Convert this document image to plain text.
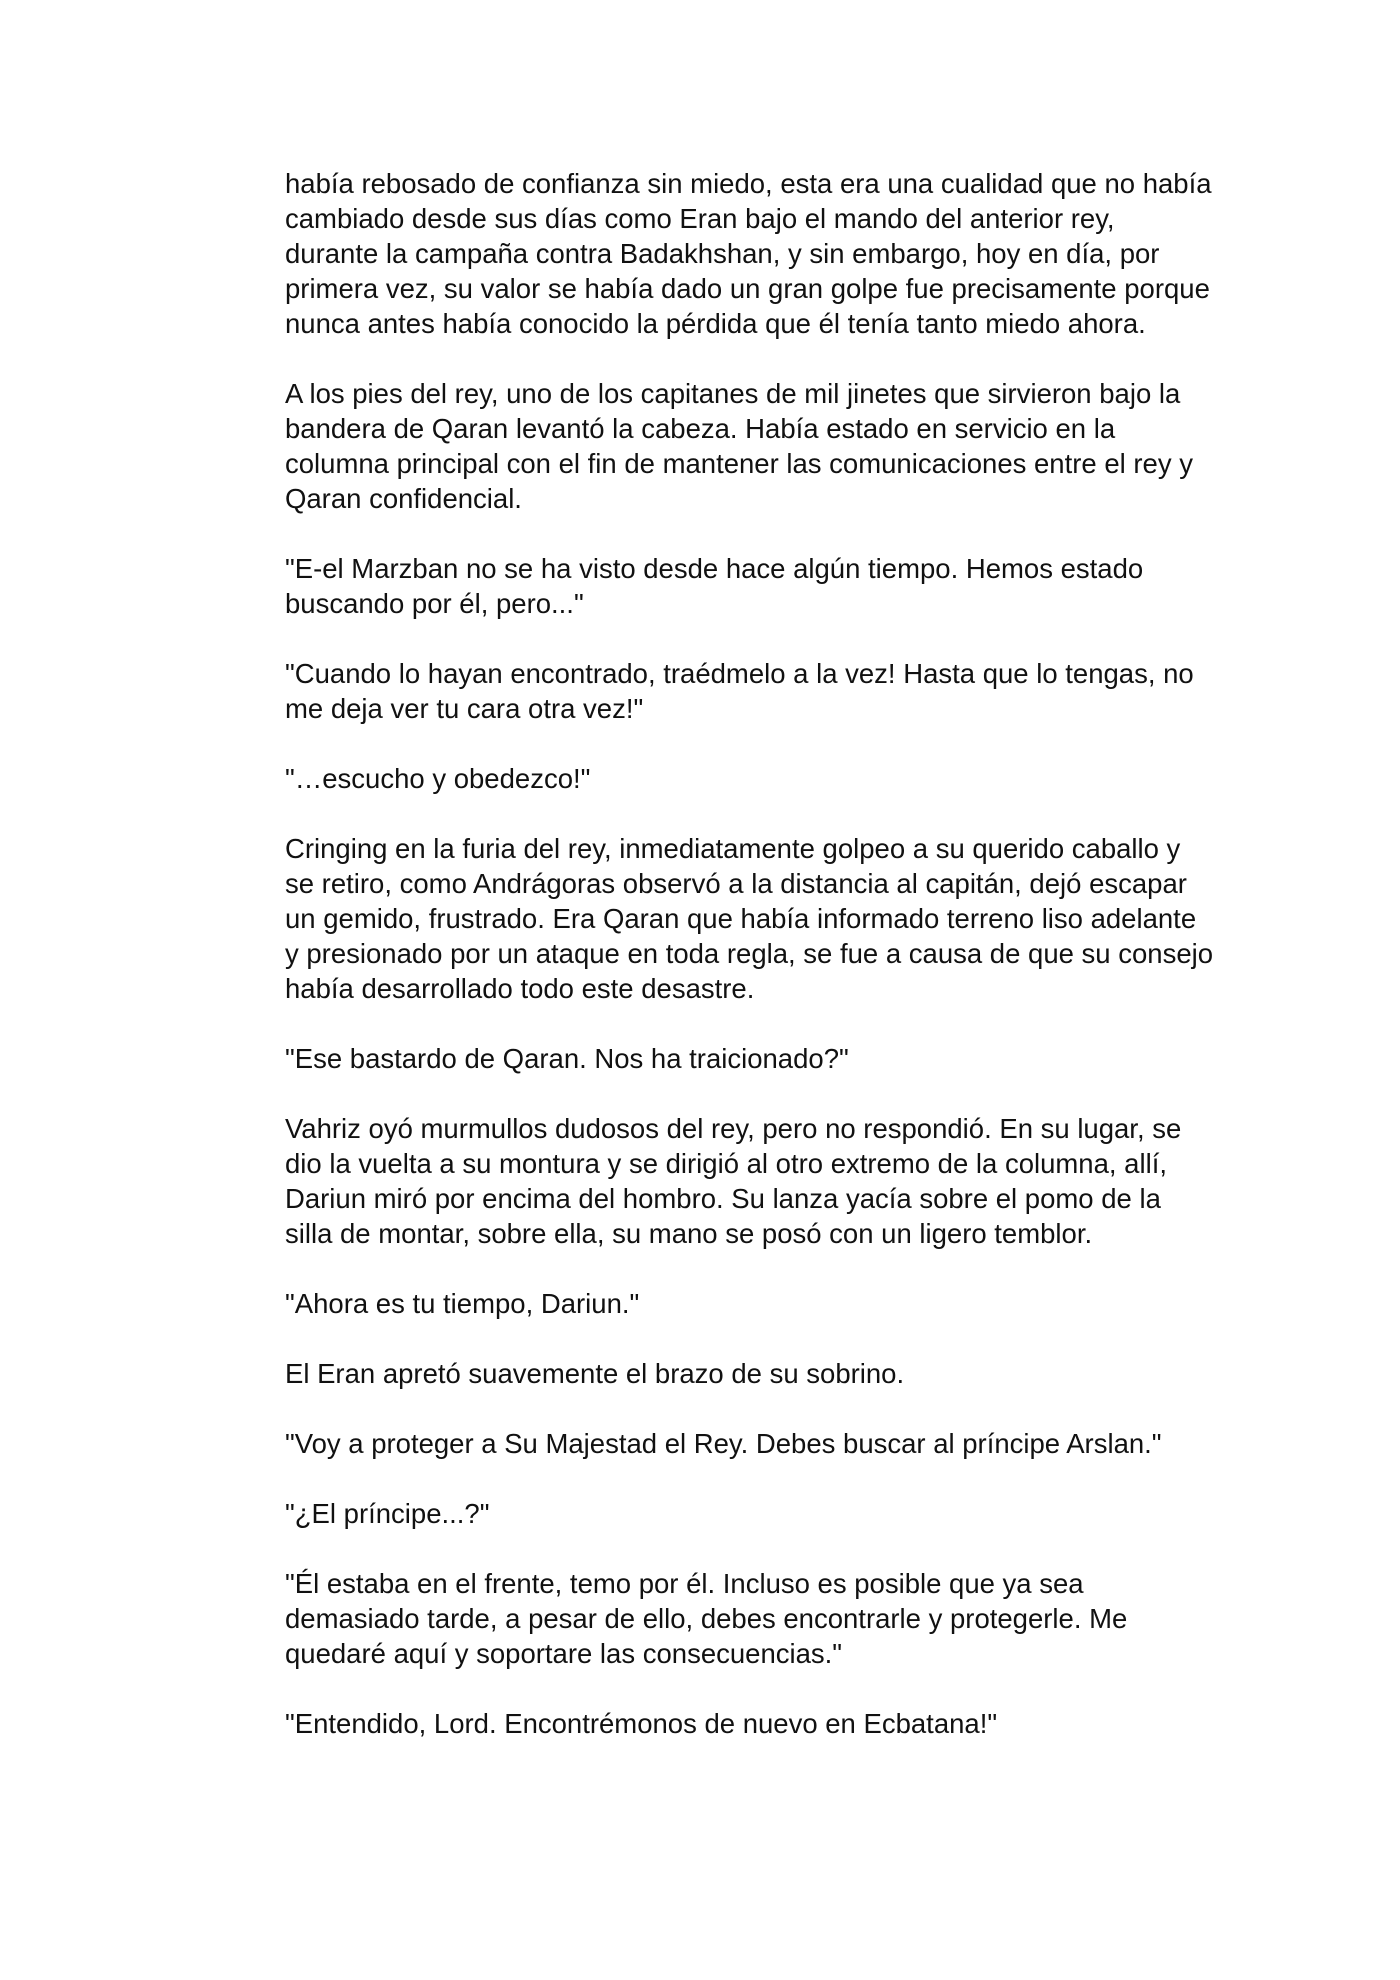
había rebosado de confianza sin miedo, esta era una cualidad que no había cambiado desde sus días como Eran bajo el mando del anterior rey, durante la campaña contra Badakhshan, y sin embargo, hoy en día, por primera vez, su valor se había dado un gran golpe fue precisamente porque nunca antes había conocido la pérdida que él tenía tanto miedo ahora.

A los pies del rey, uno de los capitanes de mil jinetes que sirvieron bajo la bandera de Qaran levantó la cabeza. Había estado en servicio en la columna principal con el fin de mantener las comunicaciones entre el rey y Qaran confidencial.

"E-el Marzban no se ha visto desde hace algún tiempo. Hemos estado buscando por él, pero..."

"Cuando lo hayan encontrado, traédmelo a la vez! Hasta que lo tengas, no me deja ver tu cara otra vez!"

"…escucho y obedezco!"

Cringing en la furia del rey, inmediatamente golpeo a su querido caballo y se retiro, como Andrágoras observó a la distancia al capitán, dejó escapar un gemido, frustrado. Era Qaran que había informado terreno liso adelante y presionado por un ataque en toda regla, se fue a causa de que su consejo había desarrollado todo este desastre.

"Ese bastardo de Qaran. Nos ha traicionado?"

Vahriz oyó murmullos dudosos del rey, pero no respondió. En su lugar, se dio la vuelta a su montura y se dirigió al otro extremo de la columna, allí, Dariun miró por encima del hombro. Su lanza yacía sobre el pomo de la silla de montar, sobre ella, su mano se posó con un ligero temblor.

"Ahora es tu tiempo, Dariun."

El Eran apretó suavemente el brazo de su sobrino.

"Voy a proteger a Su Majestad el Rey. Debes buscar al príncipe Arslan."

"¿El príncipe...?"

"Él estaba en el frente, temo por él. Incluso es posible que ya sea demasiado tarde, a pesar de ello, debes encontrarle y protegerle. Me quedaré aquí y soportare las consecuencias."

"Entendido, Lord. Encontrémonos de nuevo en Ecbatana!"
